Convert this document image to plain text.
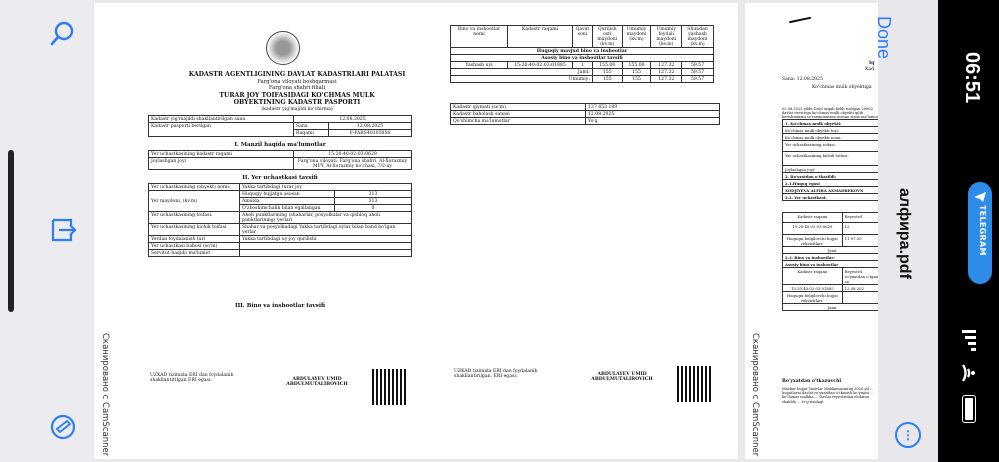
KADASTR AGENTLIGINING DAVLAT KADASTRLARI PALATASI
Farg'ona viloyati boshqarmasi
Farg'ona shahri filiali
TURAR JOY TOIFASIDAGI KO'CHMAS MULK
OBYEKTINING KADASTR PASPORTI
(kadastr yig'majildi ko'chirma)
Kadastr yig'majildi shakllantirilgan sana	12.08.2025	
Kadastr pasporti berilgan	Sana	12.08.2025
	Raqami	F-FARS40105856
I. Manzil haqida ma'lumotlar
Yer uchastkasining kadastr raqami	15:20:40:02:03:0629
Joylashgan joyi	Farg'ona viloyati, Farg'ona shahri, Al-Xorazmiy MFY, Al-Xorazmiy ko'chasi, 7/2-uy
II. Yer uchastkasi tavsifi
Yer uchastkasining (obyekt) nomi:	Yakka tartibdagi turar joy	
Yer maydoni, (kv.m)	Huquqiy hujjatga asosan	313
	Amalda	313
	O'zboshimchalik bilan egallangan	0
Yer uchastkasining toifasi:	Aholi punktlarining (shaharlar, posyolkalar va qishloq aholi punktlarining) yerlari	
Yer uchastkasining kichik toifasi	Shahar va posyolkadagi Yakka tartibdagi uylar bilan band bo'lgan yerlar	
Yerdan foydalanish turi	Yakka tartibdagi uy-joy qurilishi	
Yer uchastkasi bahosi (so'm)		
Servitut haqida ma'lumot		
III. Bino va inshootlar tavsifi
UZKAD tizimida ERI dan foydalanib shakllantirilgan ERI egasi:	ABDULAYEV UMID ABDULMUTALIBOVICH
Сканировано с CamScanner
Bino va inshootlar nomi	Kadastr raqami	Qavat soni	Qurilish osti maydoni (kv.m)	Umumiy maydoni (kv.m)	Umumiy foydali maydoni (kv.m)	Shundan yashash maydoni (kv.m)
Huquqiy mavjud bino va inshootlar						
Asosiy bino va inshootlar tavsifi						
Yashash uyi	15:20:40:02:03:01885	1	155.00	155.00	127.32	59.57
Jami:			155	155	127.32	59.57
Umumiy:			155	155	127.32	59.57
Kadastr qiymati (so'm)	137 653 189
Kadastr baholash sanasi	12.08.2025
Qo'shimcha ma'lumotlar	Yo'q
UZKAD tizimida ERI dan foydalanib shakllantirilgan. ERI egasi:	ABDULAYEV UMID ABDULMUTALIBOVICH
Iq
Kad
Sana: 12.08.2025
Ko'chmas mulk obyektiga
05.08.2025 yilda DAM orqali kelib tushgan 20802 davlat reestriga ko'chmas mulk obyekti qilib berishingizni so'raganingizga asosan sizga ma'lumot
1. Ko'chmas mulk obyekti:
Ko'chmas mulk obyekti turi:
Ko'chmas mulk obyekti nomi:
Yer uchastkasining toifasi:
Yer uchastkasining kichik toifasi:
Joylashgan joyi:
2. Ro'yxatdan o'tkazildi:
2.1.Huquq egasi
XODJIYEVA ALFIRA AXMADBEKOVN
2.2. Yer uchastkasi:
Kadastr raqami	Reyestrd
15:20:40:02:03:0629	12
Huquqni belgilovchi hujjat rekvizitlari:	11.07.20
Jami	
2.3. Bino va inshootlar:	
Asosiy bino va inshootlar	
Kadastr raqami	Reyestrd ro'yxatdan o'tgan sa
15:20:40:02:03:01885	12.08.202
Huquqni belgilovchi hujjat rekvizitlari:	
Jami	
Ro'yxatdan o'tkazuvchi
Mazkur hujjat Vazirlar Mahkamasining 2020 yil ... hujjatlarni davlat ro'yxatidan o'tkazish ko'ymasi ... ko'chmas mulkka ... Davlat reyestridan elektron shaklda ... to'g'risidagi
Сканировано с CamScanner
Done
алфира.pdf
⋮
06:51
TELEGRAM
